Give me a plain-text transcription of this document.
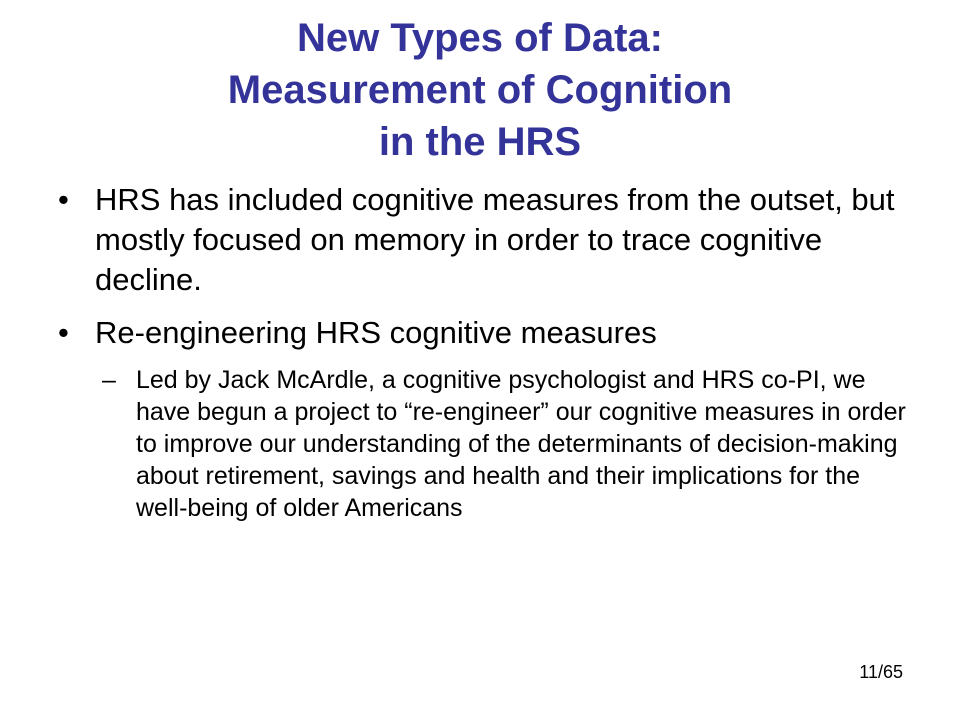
New Types of Data:
Measurement of Cognition
in the HRS
• HRS has included cognitive measures from the outset, but mostly focused on memory in order to trace cognitive decline.
• Re-engineering HRS cognitive measures
– Led by Jack McArdle, a cognitive psychologist and HRS co-PI, we have begun a project to “re-engineer” our cognitive measures in order to improve our understanding of the determinants of decision-making about retirement, savings and health and their implications for the well-being of older Americans
11/65
